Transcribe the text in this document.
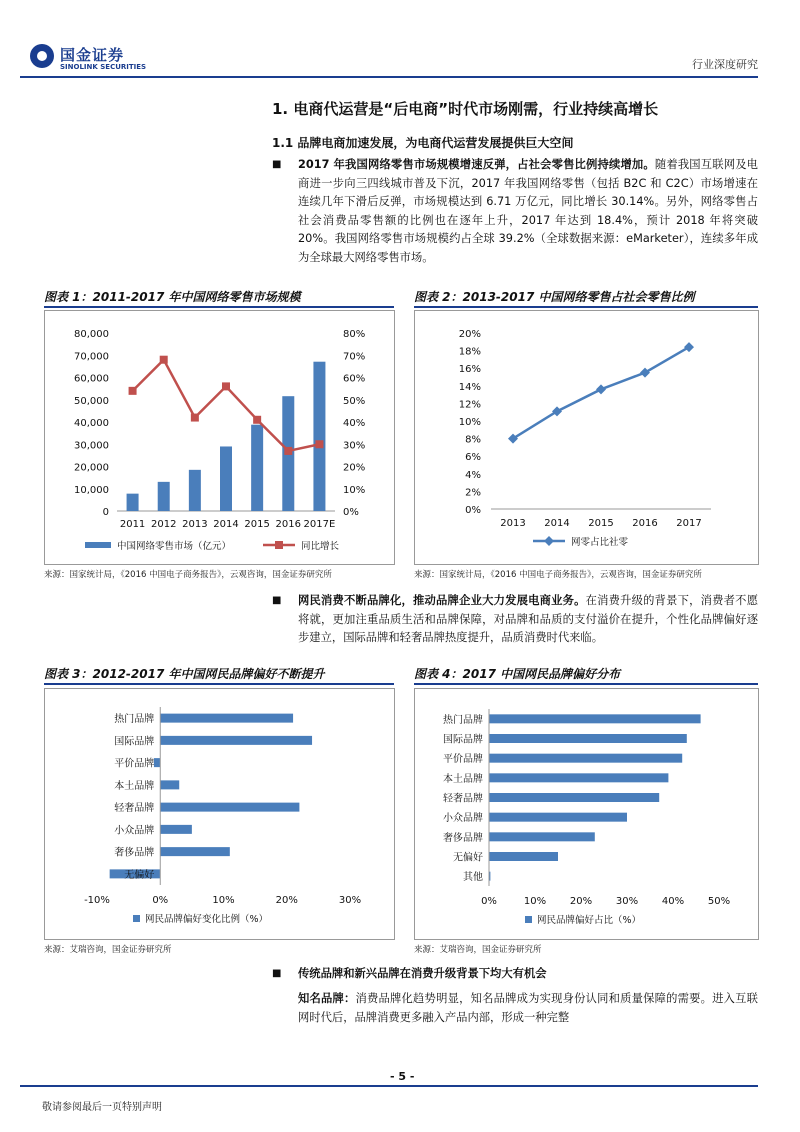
国金证券
SINOLINK SECURITIES	行业深度研究
1. 电商代运营是“后电商”时代市场刚需，行业持续高增长
1.1 品牌电商加速发展，为电商代运营发展提供巨大空间
■ 2017 年我国网络零售市场规模增速反弹，占社会零售比例持续增加。随着我国互联网及电商进一步向三四线城市普及下沉，2017 年我国网络零售（包括 B2C 和 C2C）市场增速在连续几年下滑后反弹，市场规模达到 6.71 万亿元，同比增长 30.14%。另外，网络零售占社会消费品零售额的比例也在逐年上升，2017 年达到 18.4%，预计 2018 年将突破 20%。我国网络零售市场规模约占全球 39.2%（全球数据来源：eMarketer），连续多年成为全球最大网络零售市场。
图表 1：2011-2017 年中国网络零售市场规模
0
10,000
20,000
30,000
40,000
50,000
60,000
70,000
80,000
0%
10%
20%
30%
40%
50%
60%
70%
80%
2011 2012 2013 2014 2015 2016 2017E
中国网络零售市场（亿元）	同比增长
来源：国家统计局，《2016 中国电子商务报告》，云观咨询，国金证券研究所
图表 2：2013-2017 中国网络零售占社会零售比例
0%
2%
4%
6%
8%
10%
12%
14%
16%
18%
20%
2013 2014 2015 2016 2017
网零占比社零
来源：国家统计局，《2016 中国电子商务报告》，云观咨询，国金证券研究所
■ 网民消费不断品牌化，推动品牌企业大力发展电商业务。在消费升级的背景下，消费者不愿将就，更加注重品质生活和品牌保障，对品牌和品质的支付溢价在提升，个性化品牌偏好逐步建立，国际品牌和轻奢品牌热度提升，品质消费时代来临。
图表 3：2012-2017 年中国网民品牌偏好不断提升
热门品牌
国际品牌
平价品牌
本土品牌
轻奢品牌
小众品牌
奢侈品牌
无偏好
-10%	0%	10%	20%	30%
网民品牌偏好变化比例（%）
来源：艾瑞咨询，国金证券研究所
图表 4：2017 中国网民品牌偏好分布
热门品牌
国际品牌
平价品牌
本土品牌
轻奢品牌
小众品牌
奢侈品牌
无偏好
其他
0%	10% 20% 30% 40% 50%
网民品牌偏好占比（%）
来源：艾瑞咨询，国金证券研究所
■ 传统品牌和新兴品牌在消费升级背景下均大有机会
知名品牌：消费品牌化趋势明显，知名品牌成为实现身份认同和质量保障的需要。进入互联网时代后，品牌消费更多融入产品内部，形成一种完整
- 5 -
敬请参阅最后一页特别声明
